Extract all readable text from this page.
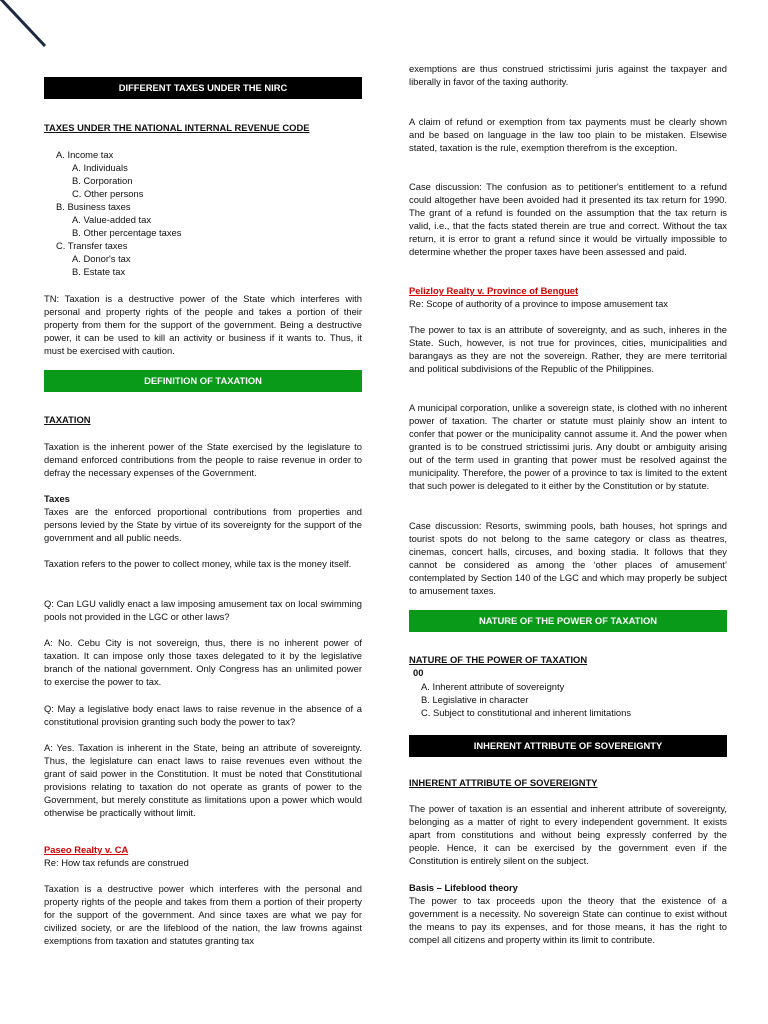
DIFFERENT TAXES UNDER THE NIRC
TAXES UNDER THE NATIONAL INTERNAL REVENUE CODE
A. Income tax
A. Individuals
B. Corporation
C. Other persons
B. Business taxes
A. Value-added tax
B. Other percentage taxes
C. Transfer taxes
A. Donor's tax
B. Estate tax

TN: Taxation is a destructive power of the State which interferes with personal and property rights of the people and takes a portion of their property from them for the support of the government. Being a destructive power, it can be used to kill an activity or business if it wants to. Thus, it must be exercised with caution.

DEFINITION OF TAXATION
TAXATION

Taxation is the inherent power of the State exercised by the legislature to demand enforced contributions from the people to raise revenue in order to defray the necessary expenses of the Government.

Taxes

Taxes are the enforced proportional contributions from properties and persons levied by the State by virtue of its sovereignty for the support of the government and all public needs.

Taxation refers to the power to collect money, while tax is the money itself.

Q: Can LGU validly enact a law imposing amusement tax on local swimming pools not provided in the LGC or other laws?

A: No. Cebu City is not sovereign, thus, there is no inherent power of taxation. It can impose only those taxes delegated to it by the legislative branch of the national government. Only Congress has an unlimited power to exercise the power to tax.

Q: May a legislative body enact laws to raise revenue in the absence of a constitutional provision granting such body the power to tax?

A: Yes. Taxation is inherent in the State, being an attribute of sovereignty. Thus, the legislature can enact laws to raise revenues even without the grant of said power in the Constitution. It must be noted that Constitutional provisions relating to taxation do not operate as grants of power to the Government, but merely constitute as limitations upon a power which would otherwise be practically without limit.

Paseo Realty v. CA
Re: How tax refunds are construed

Taxation is a destructive power which interferes with the personal and property rights of the people and takes from them a portion of their property for the support of the government. And since taxes are what we pay for civilized society, or are the lifeblood of the nation, the law frowns against exemptions from taxation and statutes granting tax

exemptions are thus construed strictissimi juris against the taxpayer and liberally in favor of the taxing authority.

A claim of refund or exemption from tax payments must be clearly shown and be based on language in the law too plain to be mistaken. Elsewise stated, taxation is the rule, exemption therefrom is the exception.

Case discussion: The confusion as to petitioner's entitlement to a refund could altogether have been avoided had it presented its tax return for 1990. The grant of a refund is founded on the assumption that the tax return is valid, i.e., that the facts stated therein are true and correct. Without the tax return, it is error to grant a refund since it would be virtually impossible to determine whether the proper taxes have been assessed and paid.

Pelizloy Realty v. Province of Benguet
Re: Scope of authority of a province to impose amusement tax

The power to tax is an attribute of sovereignty, and as such, inheres in the State. Such, however, is not true for provinces, cities, municipalities and barangays as they are not the sovereign. Rather, they are mere territorial and political subdivisions of the Republic of the Philippines.

A municipal corporation, unlike a sovereign state, is clothed with no inherent power of taxation. The charter or statute must plainly show an intent to confer that power or the municipality cannot assume it. And the power when granted is to be construed strictissimi juris. Any doubt or ambiguity arising out of the term used in granting that power must be resolved against the municipality. Therefore, the power of a province to tax is limited to the extent that such power is delegated to it either by the Constitution or by statute.

Case discussion: Resorts, swimming pools, bath houses, hot springs and tourist spots do not belong to the same category or class as theatres, cinemas, concert halls, circuses, and boxing stadia. It follows that they cannot be considered as among the ‘other places of amusement’ contemplated by Section 140 of the LGC and which may properly be subject to amusement taxes.

NATURE OF THE POWER OF TAXATION
NATURE OF THE POWER OF TAXATION
00
A. Inherent attribute of sovereignty
B. Legislative in character
C. Subject to constitutional and inherent limitations
INHERENT ATTRIBUTE OF SOVEREIGNTY
INHERENT ATTRIBUTE OF SOVEREIGNTY

The power of taxation is an essential and inherent attribute of sovereignty, belonging as a matter of right to every independent government. It exists apart from constitutions and without being expressly conferred by the people. Hence, it can be exercised by the government even if the Constitution is entirely silent on the subject.

Basis – Lifeblood theory

The power to tax proceeds upon the theory that the existence of a government is a necessity. No sovereign State can continue to exist without the means to pay its expenses, and for those means, it has the right to compel all citizens and property within its limit to contribute.
